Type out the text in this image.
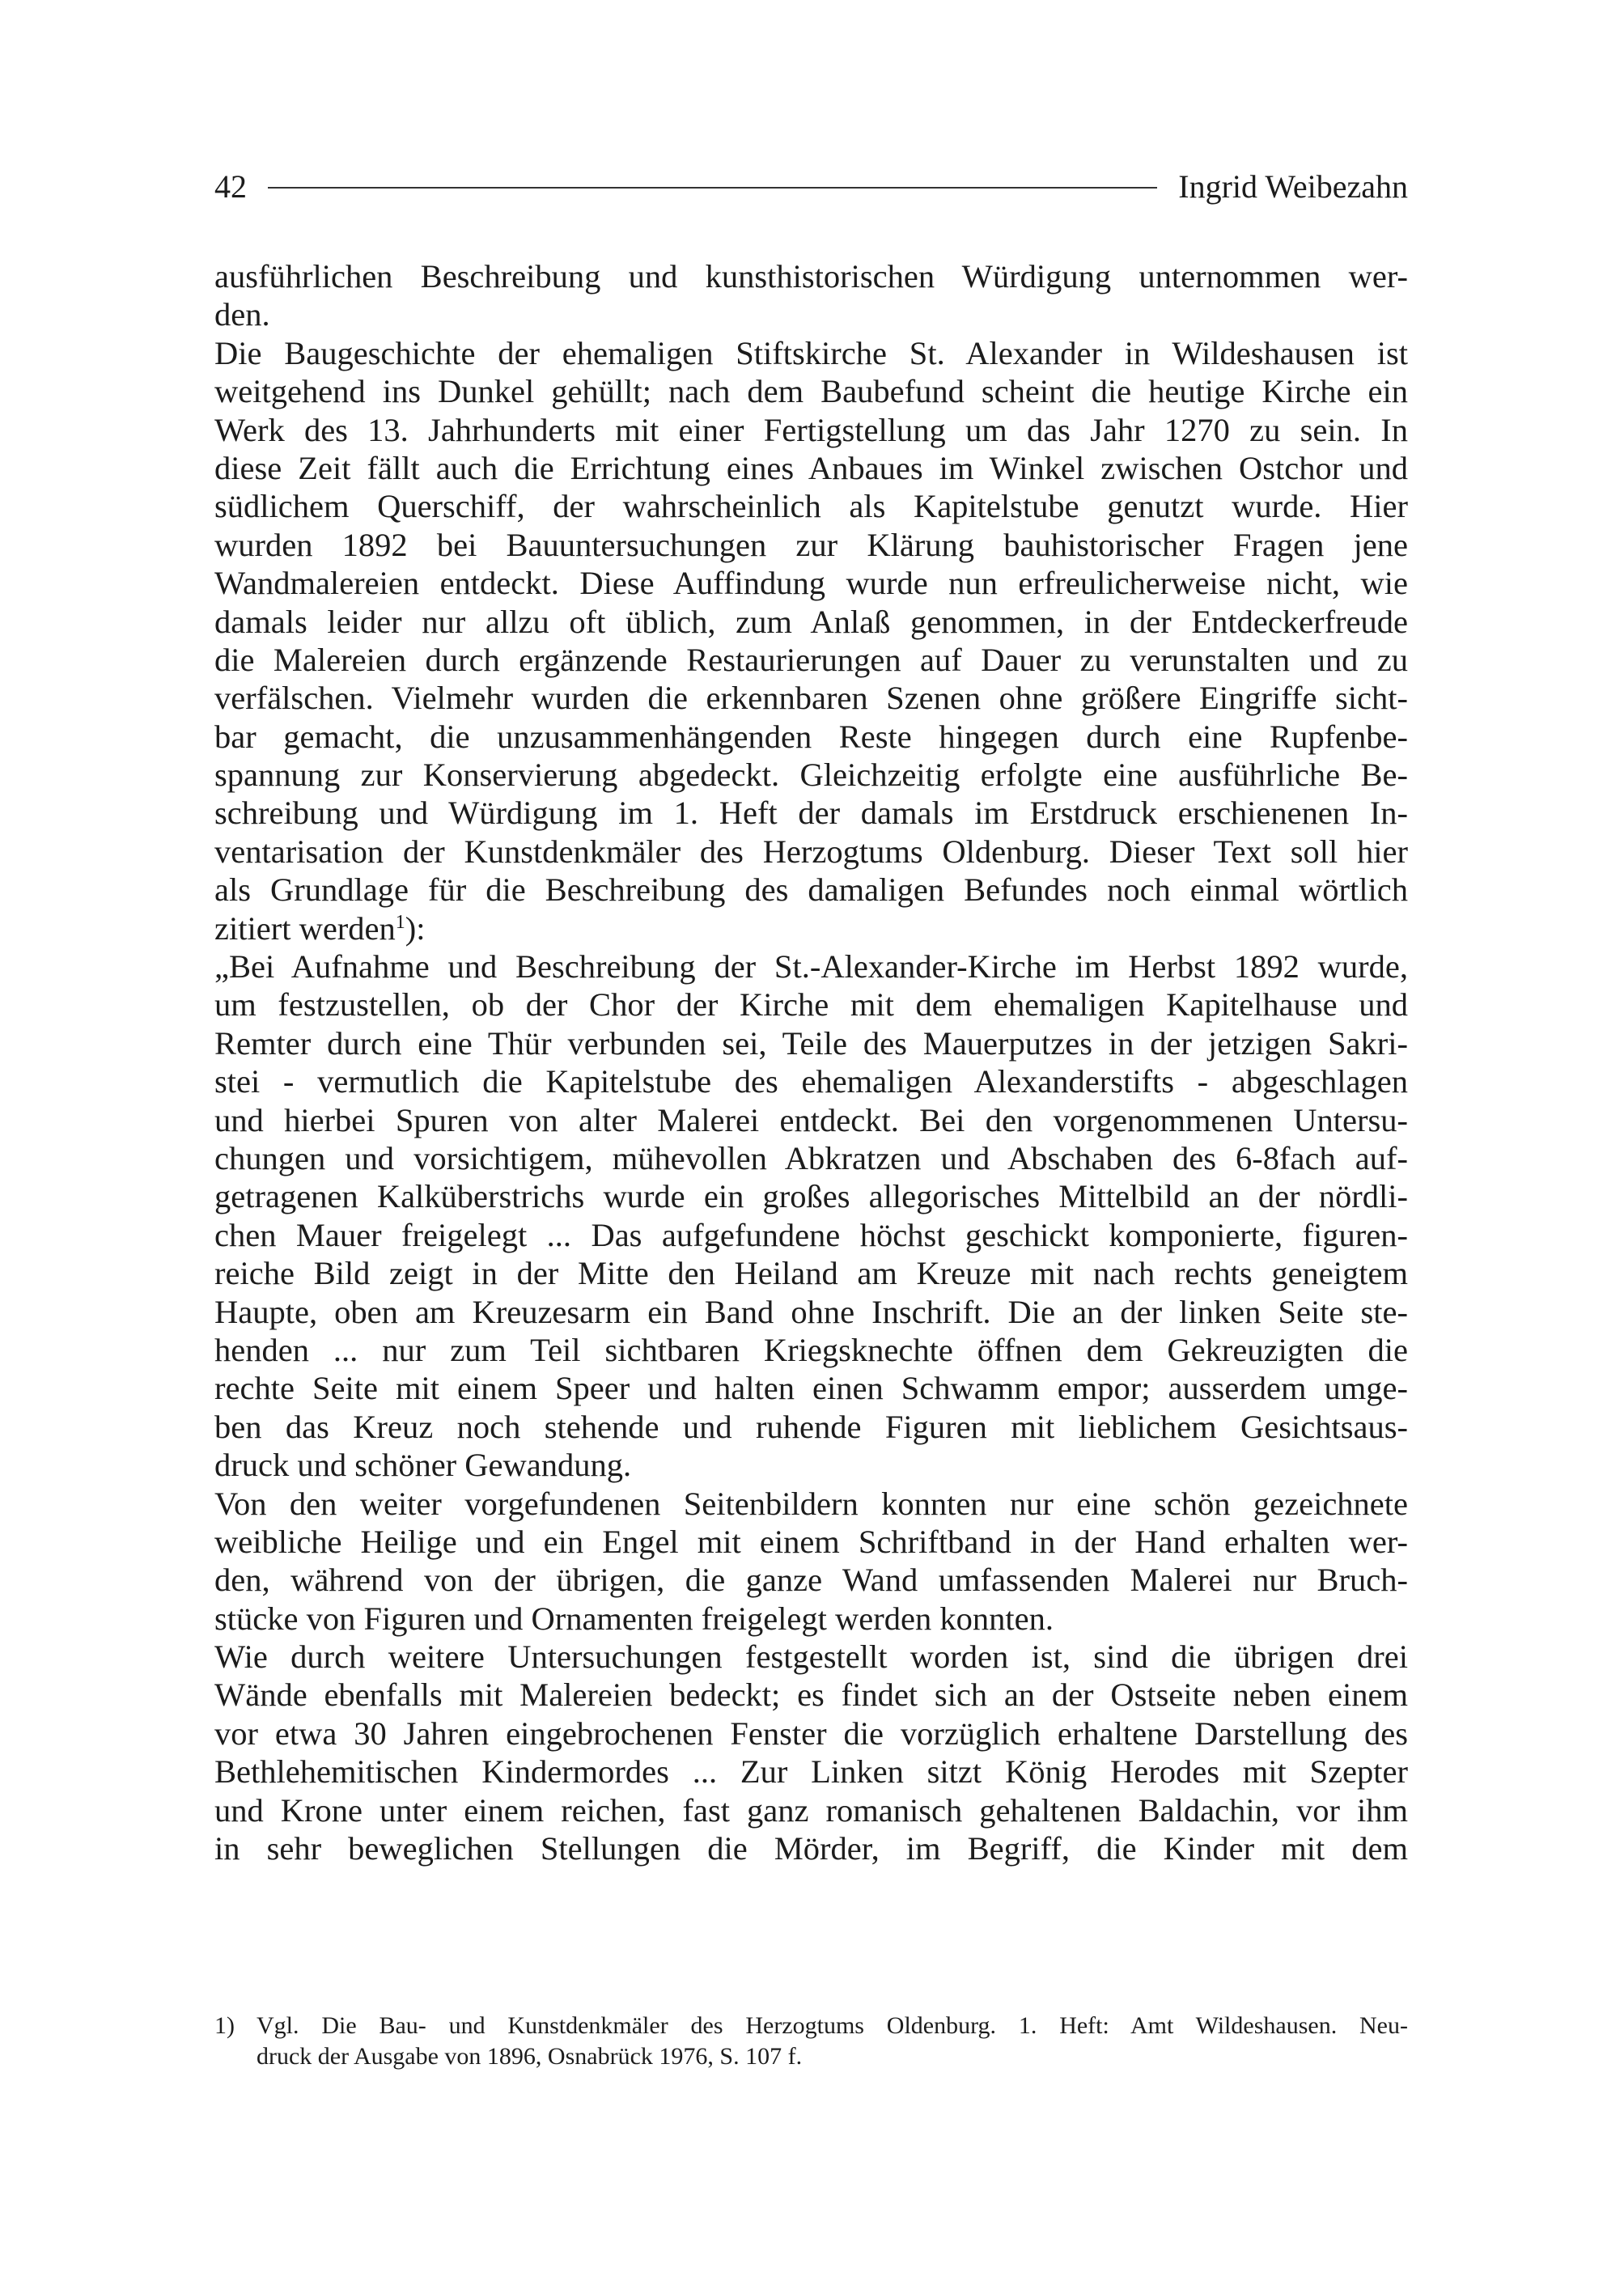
42	Ingrid Weibezahn
ausführlichen Beschreibung und kunsthistorischen Würdigung unternommen wer-
den.
Die Baugeschichte der ehemaligen Stiftskirche St. Alexander in Wildeshausen ist
weitgehend ins Dunkel gehüllt; nach dem Baubefund scheint die heutige Kirche ein
Werk des 13. Jahrhunderts mit einer Fertigstellung um das Jahr 1270 zu sein. In
diese Zeit fällt auch die Errichtung eines Anbaues im Winkel zwischen Ostchor und
südlichem Querschiff, der wahrscheinlich als Kapitelstube genutzt wurde. Hier
wurden 1892 bei Bauuntersuchungen zur Klärung bauhistorischer Fragen jene
Wandmalereien entdeckt. Diese Auffindung wurde nun erfreulicherweise nicht, wie
damals leider nur allzu oft üblich, zum Anlaß genommen, in der Entdeckerfreude
die Malereien durch ergänzende Restaurierungen auf Dauer zu verunstalten und zu
verfälschen. Vielmehr wurden die erkennbaren Szenen ohne größere Eingriffe sicht-
bar gemacht, die unzusammenhängenden Reste hingegen durch eine Rupfenbe-
spannung zur Konservierung abgedeckt. Gleichzeitig erfolgte eine ausführliche Be-
schreibung und Würdigung im 1. Heft der damals im Erstdruck erschienenen In-
ventarisation der Kunstdenkmäler des Herzogtums Oldenburg. Dieser Text soll hier
als Grundlage für die Beschreibung des damaligen Befundes noch einmal wörtlich
zitiert werden$^1$):
„Bei Aufnahme und Beschreibung der St.-Alexander-Kirche im Herbst 1892 wurde,
um festzustellen, ob der Chor der Kirche mit dem ehemaligen Kapitelhause und
Remter durch eine Thür verbunden sei, Teile des Mauerputzes in der jetzigen Sakri-
stei - vermutlich die Kapitelstube des ehemaligen Alexanderstifts - abgeschlagen
und hierbei Spuren von alter Malerei entdeckt. Bei den vorgenommenen Untersu-
chungen und vorsichtigem, mühevollen Abkratzen und Abschaben des 6-8fach auf-
getragenen Kalküberstrichs wurde ein großes allegorisches Mittelbild an der nördli-
chen Mauer freigelegt ... Das aufgefundene höchst geschickt komponierte, figuren-
reiche Bild zeigt in der Mitte den Heiland am Kreuze mit nach rechts geneigtem
Haupte, oben am Kreuzesarm ein Band ohne Inschrift. Die an der linken Seite ste-
henden ... nur zum Teil sichtbaren Kriegsknechte öffnen dem Gekreuzigten die
rechte Seite mit einem Speer und halten einen Schwamm empor; ausserdem umge-
ben das Kreuz noch stehende und ruhende Figuren mit lieblichem Gesichtsaus-
druck und schöner Gewandung.
Von den weiter vorgefundenen Seitenbildern konnten nur eine schön gezeichnete
weibliche Heilige und ein Engel mit einem Schriftband in der Hand erhalten wer-
den, während von der übrigen, die ganze Wand umfassenden Malerei nur Bruch-
stücke von Figuren und Ornamenten freigelegt werden konnten.
Wie durch weitere Untersuchungen festgestellt worden ist, sind die übrigen drei
Wände ebenfalls mit Malereien bedeckt; es findet sich an der Ostseite neben einem
vor etwa 30 Jahren eingebrochenen Fenster die vorzüglich erhaltene Darstellung des
Bethlehemitischen Kindermordes ... Zur Linken sitzt König Herodes mit Szepter
und Krone unter einem reichen, fast ganz romanisch gehaltenen Baldachin, vor ihm
in sehr beweglichen Stellungen die Mörder, im Begriff, die Kinder mit dem
1) Vgl. Die Bau- und Kunstdenkmäler des Herzogtums Oldenburg. 1. Heft: Amt Wildeshausen. Neu-
druck der Ausgabe von 1896, Osnabrück 1976, S. 107 f.
